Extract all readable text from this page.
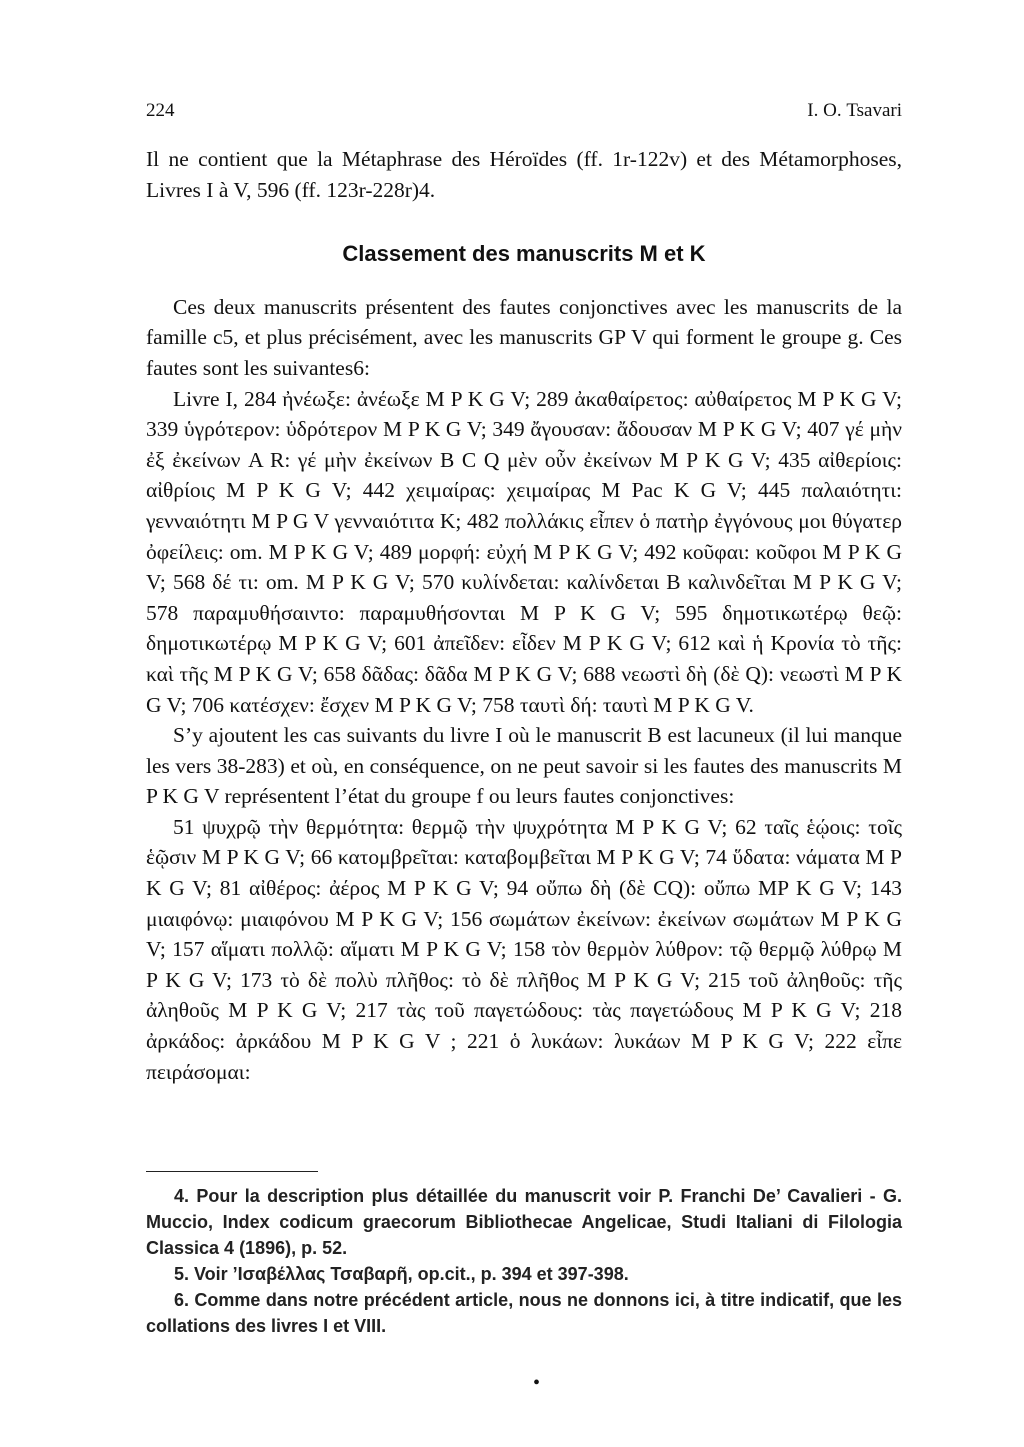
224	Ι. Ο. Tsavari

Il ne contient que la Métaphrase des Héroïdes (ff. 1r-122v) et des Métamorphoses, Livres I à V, 596 (ff. 123r-228r)4.

Classement des manuscrits M et K

Ces deux manuscrits présentent des fautes conjonctives avec les manuscrits de la famille c5, et plus précisément, avec les manuscrits GP V qui forment le groupe g. Ces fautes sont les suivantes6:

Livre I, 284 ἠνέωξε: ἀνέωξε M P K G V; 289 ἀκαθαίρετος: αὐθαίρετος M P K G V; 339 ὑγρότερον: ὑδρότερον M P K G V; 349 ἄγουσαν: ἄδουσαν M P K G V; 407 γέ μὴν ἐξ ἐκείνων A R: γέ μὴν ἐκείνων B C Q μὲν οὖν ἐκείνων M P K G V; 435 αἰθερίοις: αἰθρίοις M P K G V; 442 χειμαίρας: χειμαίρας M Pac K G V; 445 παλαιότητι: γενναιότητι M P G V γενναιότιτα K; 482 πολλάκις εἶπεν ὁ πατὴρ ἐγγόνους μοι θύγατερ ὀφείλεις: om. M P K G V; 489 μορφή: εὐχή M P K G V; 492 κοῦφαι: κοῦφοι M P K G V; 568 δέ τι: om. M P K G V; 570 κυλίνδεται: καλίνδεται B καλινδεῖται M P K G V; 578 παραμυθήσαιντο: παραμυθήσονται M P K G V; 595 δημοτικωτέρῳ θεῷ: δημοτικωτέρῳ M P K G V; 601 ἀπεῖδεν: εἶδεν M P K G V; 612 καὶ ἡ Κρονία τὸ τῆς: καὶ τῆς M P K G V; 658 δᾶδας: δᾶδα M P K G V; 688 νεωστὶ δὴ (δὲ Q): νεωστὶ M P K G V; 706 κατέσχεν: ἔσχεν M P K G V; 758 ταυτὶ δή: ταυτὶ M P K G V.

S’y ajoutent les cas suivants du livre I où le manuscrit B est lacuneux (il lui manque les vers 38-283) et où, en conséquence, on ne peut savoir si les fautes des manuscrits M P K G V représentent l’état du groupe f ou leurs fautes conjonctives:

51 ψυχρῷ τὴν θερμότητα: θερμῷ τὴν ψυχρότητα M P K G V; 62 ταῖς ἑῴοις: τοῖς ἑῷσιν M P K G V; 66 κατομβρεῖται: καταβομβεῖται M P K G V; 74 ὕδατα: νάματα M P K G V; 81 αἰθέρος: ἀέρος M P K G V; 94 οὔπω δὴ (δὲ CQ): οὔπω MP K G V; 143 μιαιφόνῳ: μιαιφόνου M P K G V; 156 σωμάτων ἐκείνων: ἐκείνων σωμάτων M P K G V; 157 αἵματι πολλῷ: αἵματι M P K G V; 158 τὸν θερμὸν λύθρον: τῷ θερμῷ λύθρῳ M P K G V; 173 τὸ δὲ πολὺ πλῆθος: τὸ δὲ πλῆθος M P K G V; 215 τοῦ ἀληθοῦς: τῆς ἀληθοῦς M P K G V; 217 τὰς τοῦ παγετώδους: τὰς παγετώδους M P K G V; 218 ἀρκάδος: ἀρκάδου M P K G V ; 221 ὁ λυκάων: λυκάων M P K G V; 222 εἶπε πειράσομαι:

4. Pour la description plus détaillée du manuscrit voir P. Franchi De’ Cavalieri - G. Muccio, Index codicum graecorum Bibliothecae Angelicae, Studi Italiani di Filologia Classica 4 (1896), p. 52.

5. Voir ’Ισαβέλλας Τσαβαρῆ, op.cit., p. 394 et 397-398.

6. Comme dans notre précédent article, nous ne donnons ici, à titre indicatif, que les collations des livres I et VIII.

•
